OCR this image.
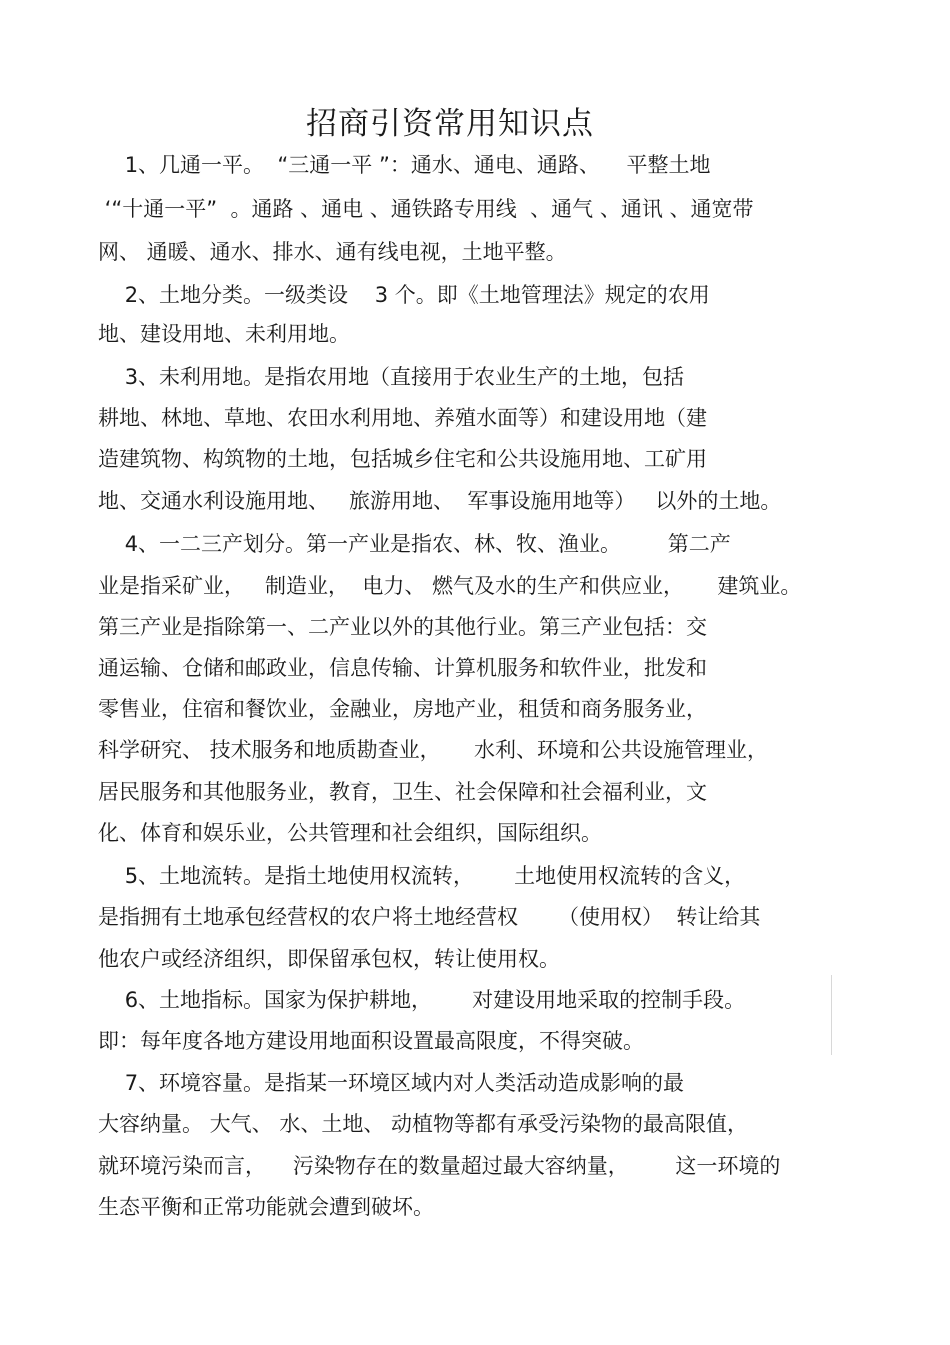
招商引资常用知识点
1、几通一平。  “三通一平 ”：通水、通电、通路、    平整土地
‘“十通一平”  。通路 、通电 、通铁路专用线  、通气 、通讯 、通宽带
网、 通暖、通水、排水、通有线电视，土地平整。
2、土地分类。一级类设    3 个。即《土地管理法》规定的农用
地、建设用地、未利用地。
3、未利用地。是指农用地（直接用于农业生产的土地，包括
耕地、林地、草地、农田水利用地、养殖水面等）和建设用地（建
造建筑物、构筑物的土地，包括城乡住宅和公共设施用地、工矿用
地、交通水利设施用地、   旅游用地、  军事设施用地等）   以外的土地。
4、一二三产划分。第一产业是指农、林、牧、渔业。       第二产
业是指采矿业，   制造业，  电力、 燃气及水的生产和供应业，     建筑业。
第三产业是指除第一、二产业以外的其他行业。第三产业包括：交
通运输、仓储和邮政业，信息传输、计算机服务和软件业，批发和
零售业，住宿和餐饮业，金融业，房地产业，租赁和商务服务业，
科学研究、 技术服务和地质勘查业，     水利、环境和公共设施管理业，
居民服务和其他服务业，教育，卫生、社会保障和社会福利业，文
化、体育和娱乐业，公共管理和社会组织，国际组织。
5、土地流转。是指土地使用权流转，      土地使用权流转的含义，
是指拥有土地承包经营权的农户将土地经营权      （使用权）  转让给其
他农户或经济组织，即保留承包权，转让使用权。
6、土地指标。国家为保护耕地，      对建设用地采取的控制手段。
即：每年度各地方建设用地面积设置最高限度，不得突破。
7、环境容量。是指某一环境区域内对人类活动造成影响的最
大容纳量。 大气、 水、土地、 动植物等都有承受污染物的最高限值，
就环境污染而言，    污染物存在的数量超过最大容纳量，       这一环境的
生态平衡和正常功能就会遭到破坏。
